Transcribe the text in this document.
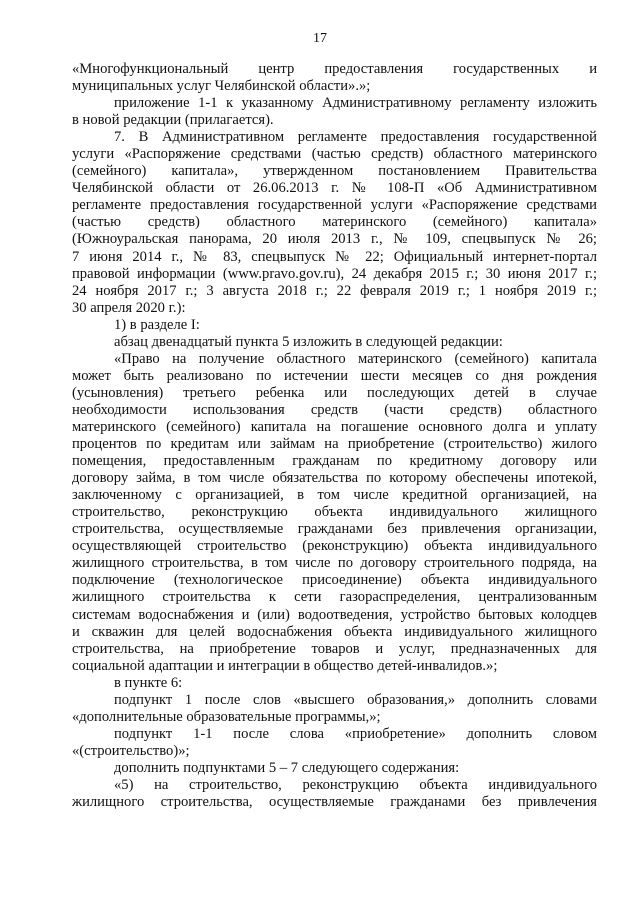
17
«Многофункциональный центр предоставления государственных и
муниципальных услуг Челябинской области».»;
приложение 1-1 к указанному Административному регламенту изложить
в новой редакции (прилагается).
7. В Административном регламенте предоставления государственной
услуги «Распоряжение средствами (частью средств) областного материнского
(семейного) капитала», утвержденном постановлением Правительства
Челябинской области от 26.06.2013 г. № 108-П «Об Административном
регламенте предоставления государственной услуги «Распоряжение средствами
(частью средств) областного материнского (семейного) капитала»
(Южноуральская панорама, 20 июля 2013 г., № 109, спецвыпуск № 26;
7 июня 2014 г., № 83, спецвыпуск № 22; Официальный интернет-портал
правовой информации (www.pravo.gov.ru), 24 декабря 2015 г.; 30 июня 2017 г.;
24 ноября 2017 г.; 3 августа 2018 г.; 22 февраля 2019 г.; 1 ноября 2019 г.;
30 апреля 2020 г.):
1) в разделе I:
абзац двенадцатый пункта 5 изложить в следующей редакции:
«Право на получение областного материнского (семейного) капитала
может быть реализовано по истечении шести месяцев со дня рождения
(усыновления) третьего ребенка или последующих детей в случае
необходимости использования средств (части средств) областного
материнского (семейного) капитала на погашение основного долга и уплату
процентов по кредитам или займам на приобретение (строительство) жилого
помещения, предоставленным гражданам по кредитному договору или
договору займа, в том числе обязательства по которому обеспечены ипотекой,
заключенному с организацией, в том числе кредитной организацией, на
строительство, реконструкцию объекта индивидуального жилищного
строительства, осуществляемые гражданами без привлечения организации,
осуществляющей строительство (реконструкцию) объекта индивидуального
жилищного строительства, в том числе по договору строительного подряда, на
подключение (технологическое присоединение) объекта индивидуального
жилищного строительства к сети газораспределения, централизованным
системам водоснабжения и (или) водоотведения, устройство бытовых колодцев
и скважин для целей водоснабжения объекта индивидуального жилищного
строительства, на приобретение товаров и услуг, предназначенных для
социальной адаптации и интеграции в общество детей-инвалидов.»;
в пункте 6:
подпункт 1 после слов «высшего образования,» дополнить словами
«дополнительные образовательные программы,»;
подпункт 1-1 после слова «приобретение» дополнить словом
«(строительство)»;
дополнить подпунктами 5 – 7 следующего содержания:
«5) на строительство, реконструкцию объекта индивидуального
жилищного строительства, осуществляемые гражданами без привлечения
